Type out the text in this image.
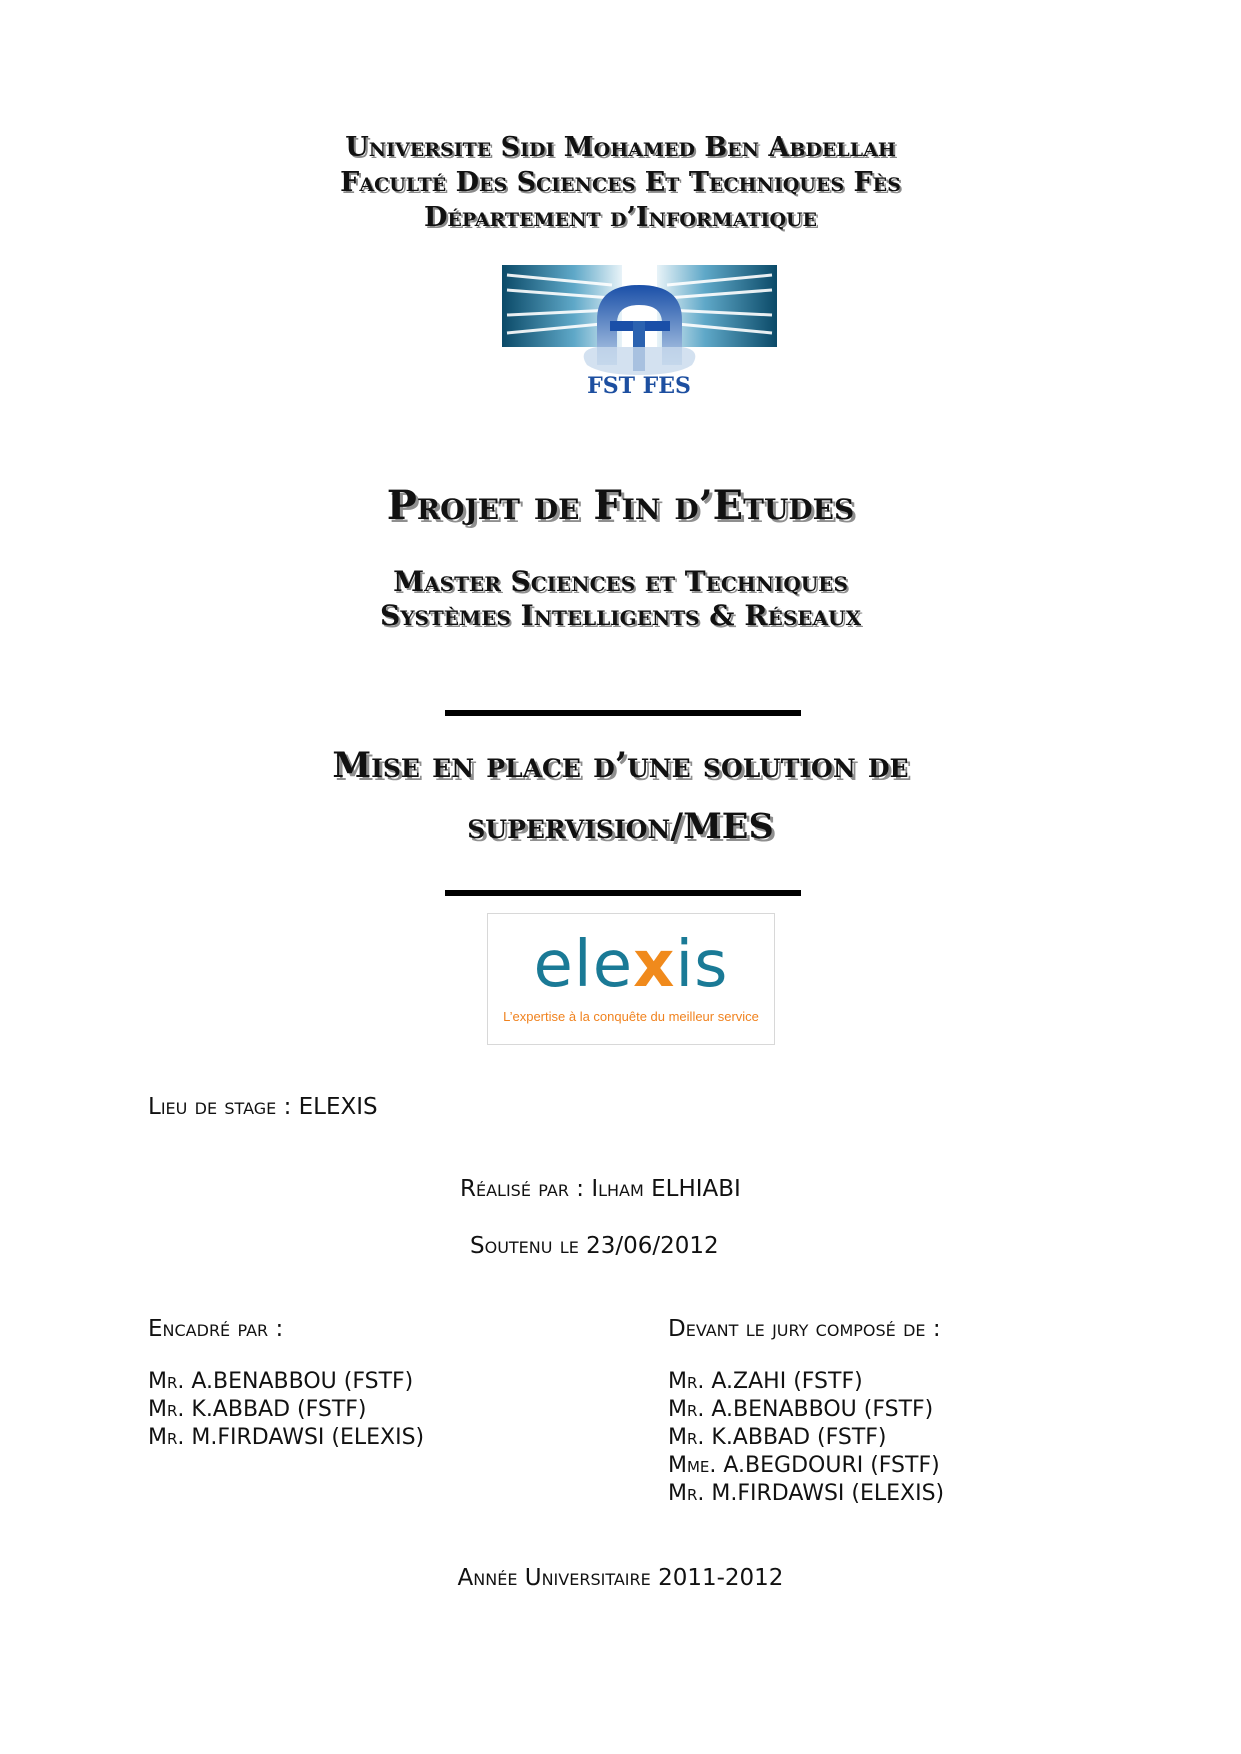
Universite Sidi Mohamed Ben Abdellah
Faculté Des Sciences Et Techniques Fès
Département d’Informatique
FST FES
Projet de Fin d’Etudes
Master Sciences et Techniques
Systèmes Intelligents & Réseaux
Mise en place d’une solution de
supervision/MES
elexis
L’expertise à la conquête du meilleur service
Lieu de stage : ELEXIS
Réalisé par : Ilham ELHIABI
Soutenu le 23/06/2012
Encadré par :
Mr. A.BENABBOU (FSTF)
Mr. K.ABBAD (FSTF)
Mr. M.FIRDAWSI (ELEXIS)
Devant le jury composé de :
Mr. A.ZAHI (FSTF)
Mr. A.BENABBOU (FSTF)
Mr. K.ABBAD (FSTF)
Mme. A.BEGDOURI (FSTF)
Mr. M.FIRDAWSI (ELEXIS)
Année Universitaire 2011-2012
